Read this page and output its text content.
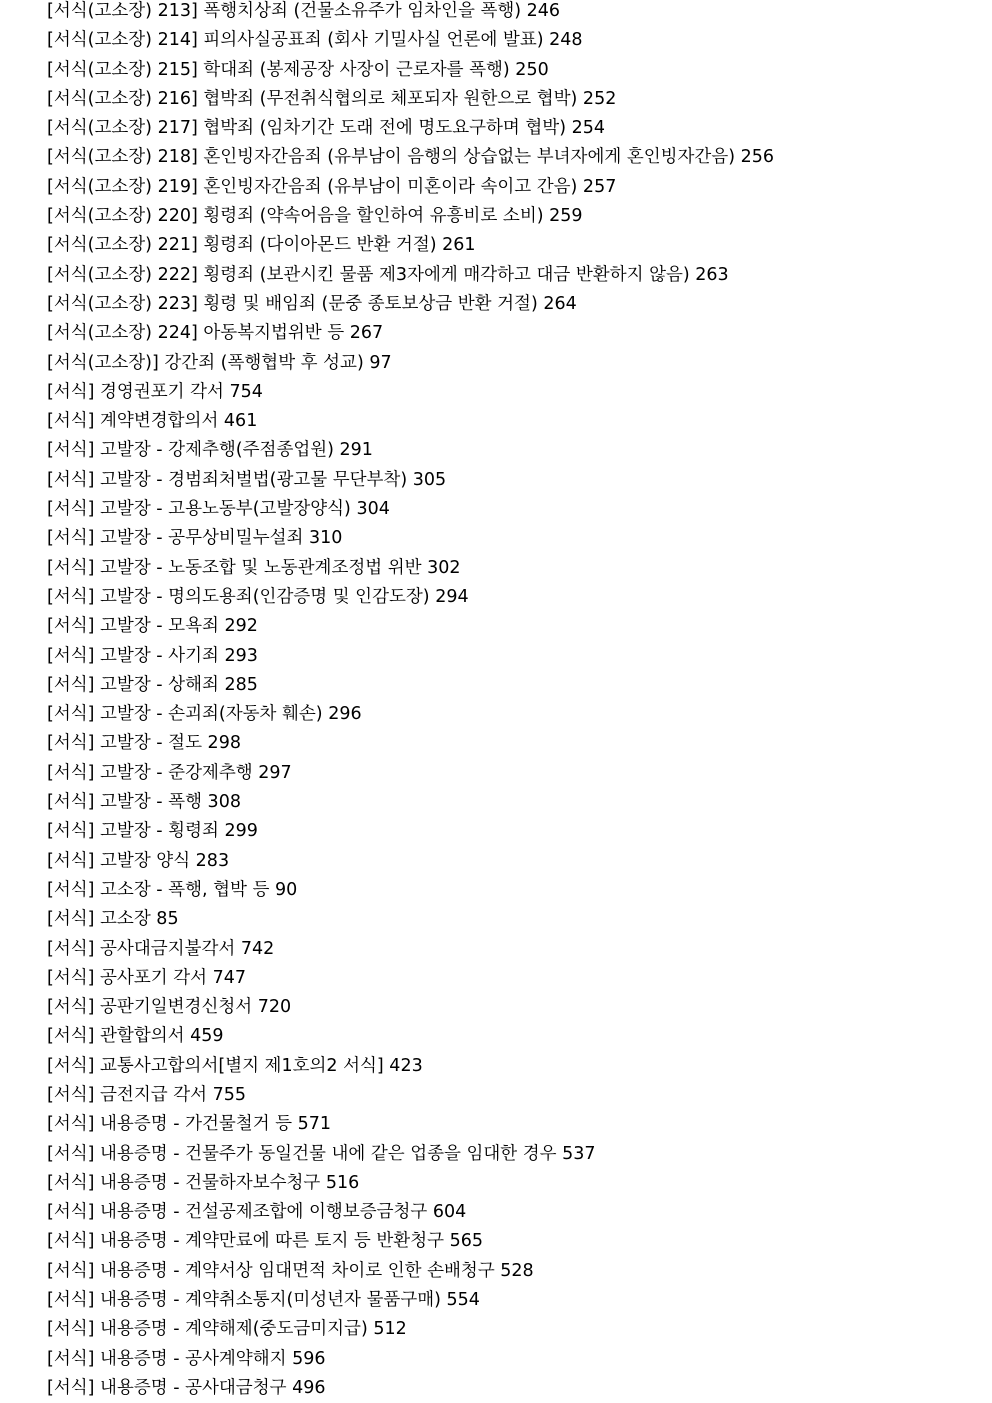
[서식(고소장) 213] 폭행치상죄 (건물소유주가 임차인을 폭행) 246
[서식(고소장) 214] 피의사실공표죄 (회사 기밀사실 언론에 발표) 248
[서식(고소장) 215] 학대죄 (봉제공장 사장이 근로자를 폭행) 250
[서식(고소장) 216] 협박죄 (무전취식협의로 체포되자 원한으로 협박) 252
[서식(고소장) 217] 협박죄 (임차기간 도래 전에 명도요구하며 협박) 254
[서식(고소장) 218] 혼인빙자간음죄 (유부남이 음행의 상습없는 부녀자에게 혼인빙자간음) 256
[서식(고소장) 219] 혼인빙자간음죄 (유부남이 미혼이라 속이고 간음) 257
[서식(고소장) 220] 횡령죄 (약속어음을 할인하여 유흥비로 소비) 259
[서식(고소장) 221] 횡령죄 (다이아몬드 반환 거절) 261
[서식(고소장) 222] 횡령죄 (보관시킨 물품 제3자에게 매각하고 대금 반환하지 않음) 263
[서식(고소장) 223] 횡령 및 배임죄 (문중 종토보상금 반환 거절) 264
[서식(고소장) 224] 아동복지법위반 등 267
[서식(고소장)] 강간죄 (폭행협박 후 성교) 97
[서식] 경영권포기 각서 754
[서식] 계약변경합의서 461
[서식] 고발장 - 강제추행(주점종업원) 291
[서식] 고발장 - 경범죄처벌법(광고물 무단부착) 305
[서식] 고발장 - 고용노동부(고발장양식) 304
[서식] 고발장 - 공무상비밀누설죄 310
[서식] 고발장 - 노동조합 및 노동관계조정법 위반 302
[서식] 고발장 - 명의도용죄(인감증명 및 인감도장) 294
[서식] 고발장 - 모욕죄 292
[서식] 고발장 - 사기죄 293
[서식] 고발장 - 상해죄 285
[서식] 고발장 - 손괴죄(자동차 훼손) 296
[서식] 고발장 - 절도 298
[서식] 고발장 - 준강제추행 297
[서식] 고발장 - 폭행 308
[서식] 고발장 - 횡령죄 299
[서식] 고발장 양식 283
[서식] 고소장 - 폭행, 협박 등 90
[서식] 고소장 85
[서식] 공사대금지불각서 742
[서식] 공사포기 각서 747
[서식] 공판기일변경신청서 720
[서식] 관할합의서 459
[서식] 교통사고합의서[별지 제1호의2 서식] 423
[서식] 금전지급 각서 755
[서식] 내용증명 - 가건물철거 등 571
[서식] 내용증명 - 건물주가 동일건물 내에 같은 업종을 임대한 경우 537
[서식] 내용증명 - 건물하자보수청구 516
[서식] 내용증명 - 건설공제조합에 이행보증금청구 604
[서식] 내용증명 - 계약만료에 따른 토지 등 반환청구 565
[서식] 내용증명 - 계약서상 임대면적 차이로 인한 손배청구 528
[서식] 내용증명 - 계약취소통지(미성년자 물품구매) 554
[서식] 내용증명 - 계약해제(중도금미지급) 512
[서식] 내용증명 - 공사계약해지 596
[서식] 내용증명 - 공사대금청구 496
